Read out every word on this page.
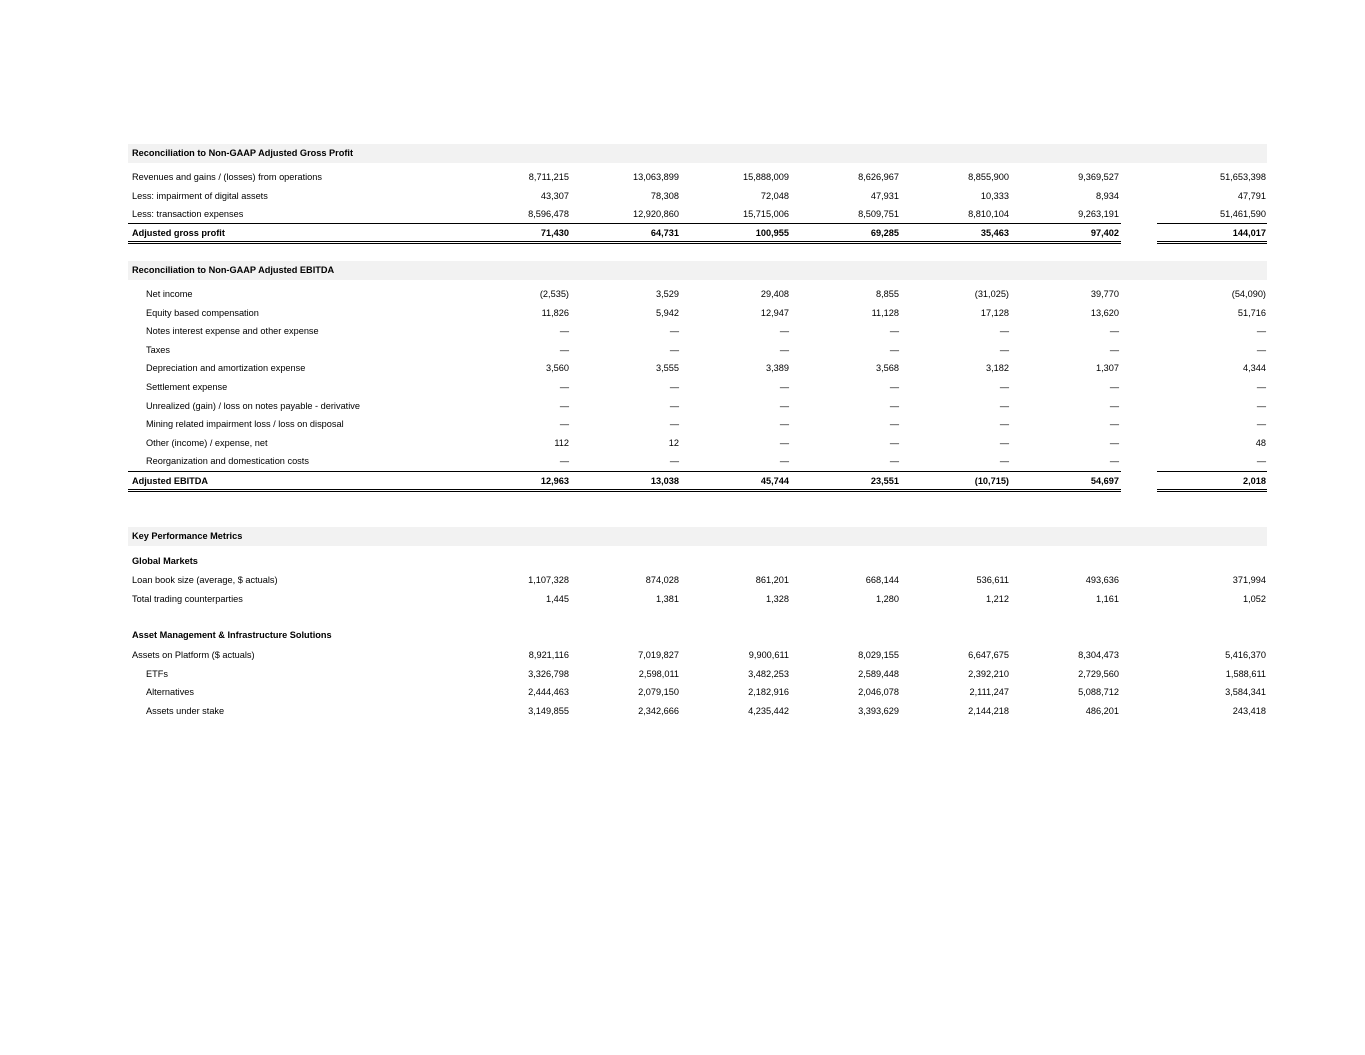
Reconciliation to Non-GAAP Adjusted Gross Profit
Revenues and gains / (losses) from operations	8,711,215	13,063,899	15,888,009	8,626,967	8,855,900	9,369,527	51,653,398
Less: impairment of digital assets	43,307	78,308	72,048	47,931	10,333	8,934	47,791
Less: transaction expenses	8,596,478	12,920,860	15,715,006	8,509,751	8,810,104	9,263,191	51,461,590
Adjusted gross profit	71,430	64,731	100,955	69,285	35,463	97,402	144,017
Reconciliation to Non-GAAP Adjusted EBITDA
Net income	(2,535)	3,529	29,408	8,855	(31,025)	39,770	(54,090)
Equity based compensation	11,826	5,942	12,947	11,128	17,128	13,620	51,716
Notes interest expense and other expense	—	—	—	—	—	—	—
Taxes	—	—	—	—	—	—	—
Depreciation and amortization expense	3,560	3,555	3,389	3,568	3,182	1,307	4,344
Settlement expense	—	—	—	—	—	—	—
Unrealized (gain) / loss on notes payable - derivative	—	—	—	—	—	—	—
Mining related impairment loss / loss on disposal	—	—	—	—	—	—	—
Other (income) / expense, net	112	12	—	—	—	—	48
Reorganization and domestication costs	—	—	—	—	—	—	—
Adjusted EBITDA	12,963	13,038	45,744	23,551	(10,715)	54,697	2,018
Key Performance Metrics
Global Markets
Loan book size (average, $ actuals)	1,107,328	874,028	861,201	668,144	536,611	493,636	371,994
Total trading counterparties	1,445	1,381	1,328	1,280	1,212	1,161	1,052
Asset Management & Infrastructure Solutions
Assets on Platform ($ actuals)	8,921,116	7,019,827	9,900,611	8,029,155	6,647,675	8,304,473	5,416,370
ETFs	3,326,798	2,598,011	3,482,253	2,589,448	2,392,210	2,729,560	1,588,611
Alternatives	2,444,463	2,079,150	2,182,916	2,046,078	2,111,247	5,088,712	3,584,341
Assets under stake	3,149,855	2,342,666	4,235,442	3,393,629	2,144,218	486,201	243,418
